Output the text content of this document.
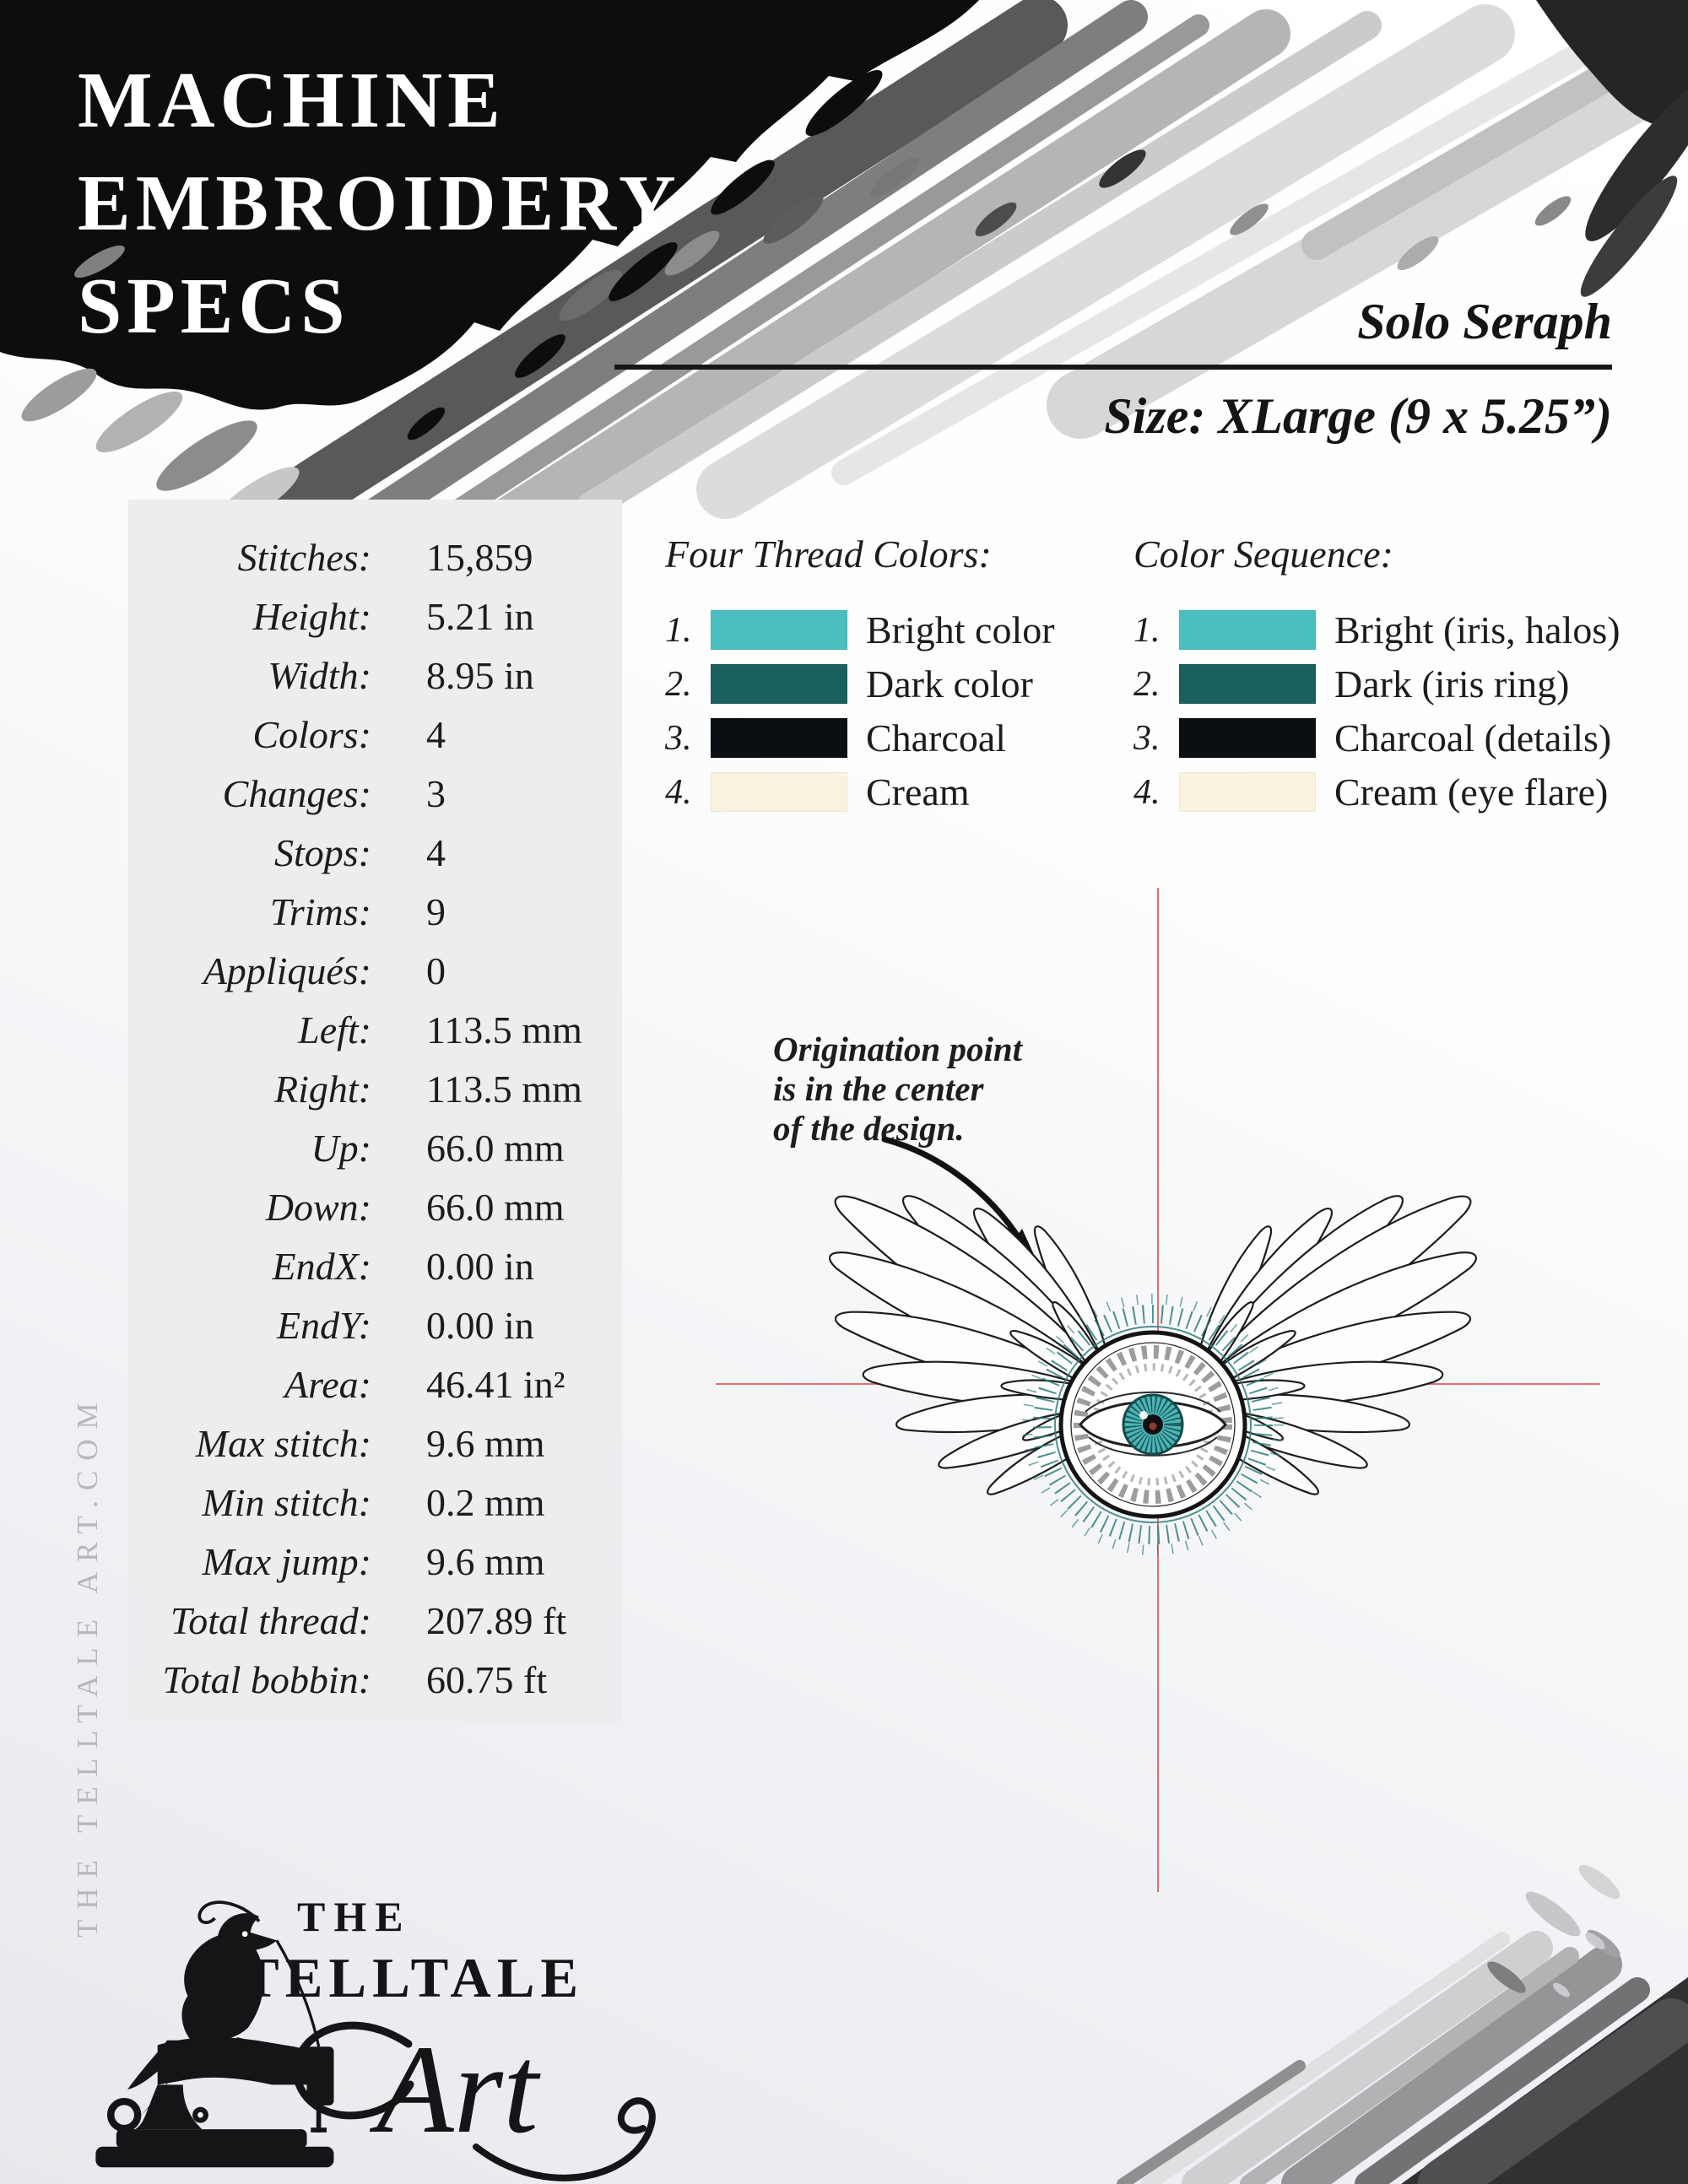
MACHINE
EMBROIDERY
SPECS	Solo Seraph
Size: XLarge (9 x 5.25”)
Stitches: 15,859
Height: 5.21 in
Width: 8.95 in
Colors: 4
Changes: 3
Stops: 4
Trims: 9
Appliqués: 0
Left: 113.5 mm
Right: 113.5 mm
Up: 66.0 mm
Down: 66.0 mm
EndX: 0.00 in
EndY: 0.00 in
Area: 46.41 in²
Max stitch: 9.6 mm
Min stitch: 0.2 mm
Max jump: 9.6 mm
Total thread: 207.89 ft
Total bobbin: 60.75 ft
Four Thread Colors:
1.	Bright color
2.	Dark color
3.	Charcoal
4.	Cream
Color Sequence:
1.	Bright (iris, halos)
2.	Dark (iris ring)
3.	Charcoal (details)
4.	Cream (eye flare)
Origination point
is in the center
of the design.
THE TELLTALE ART.COM	THE
TELLTALE
Art
